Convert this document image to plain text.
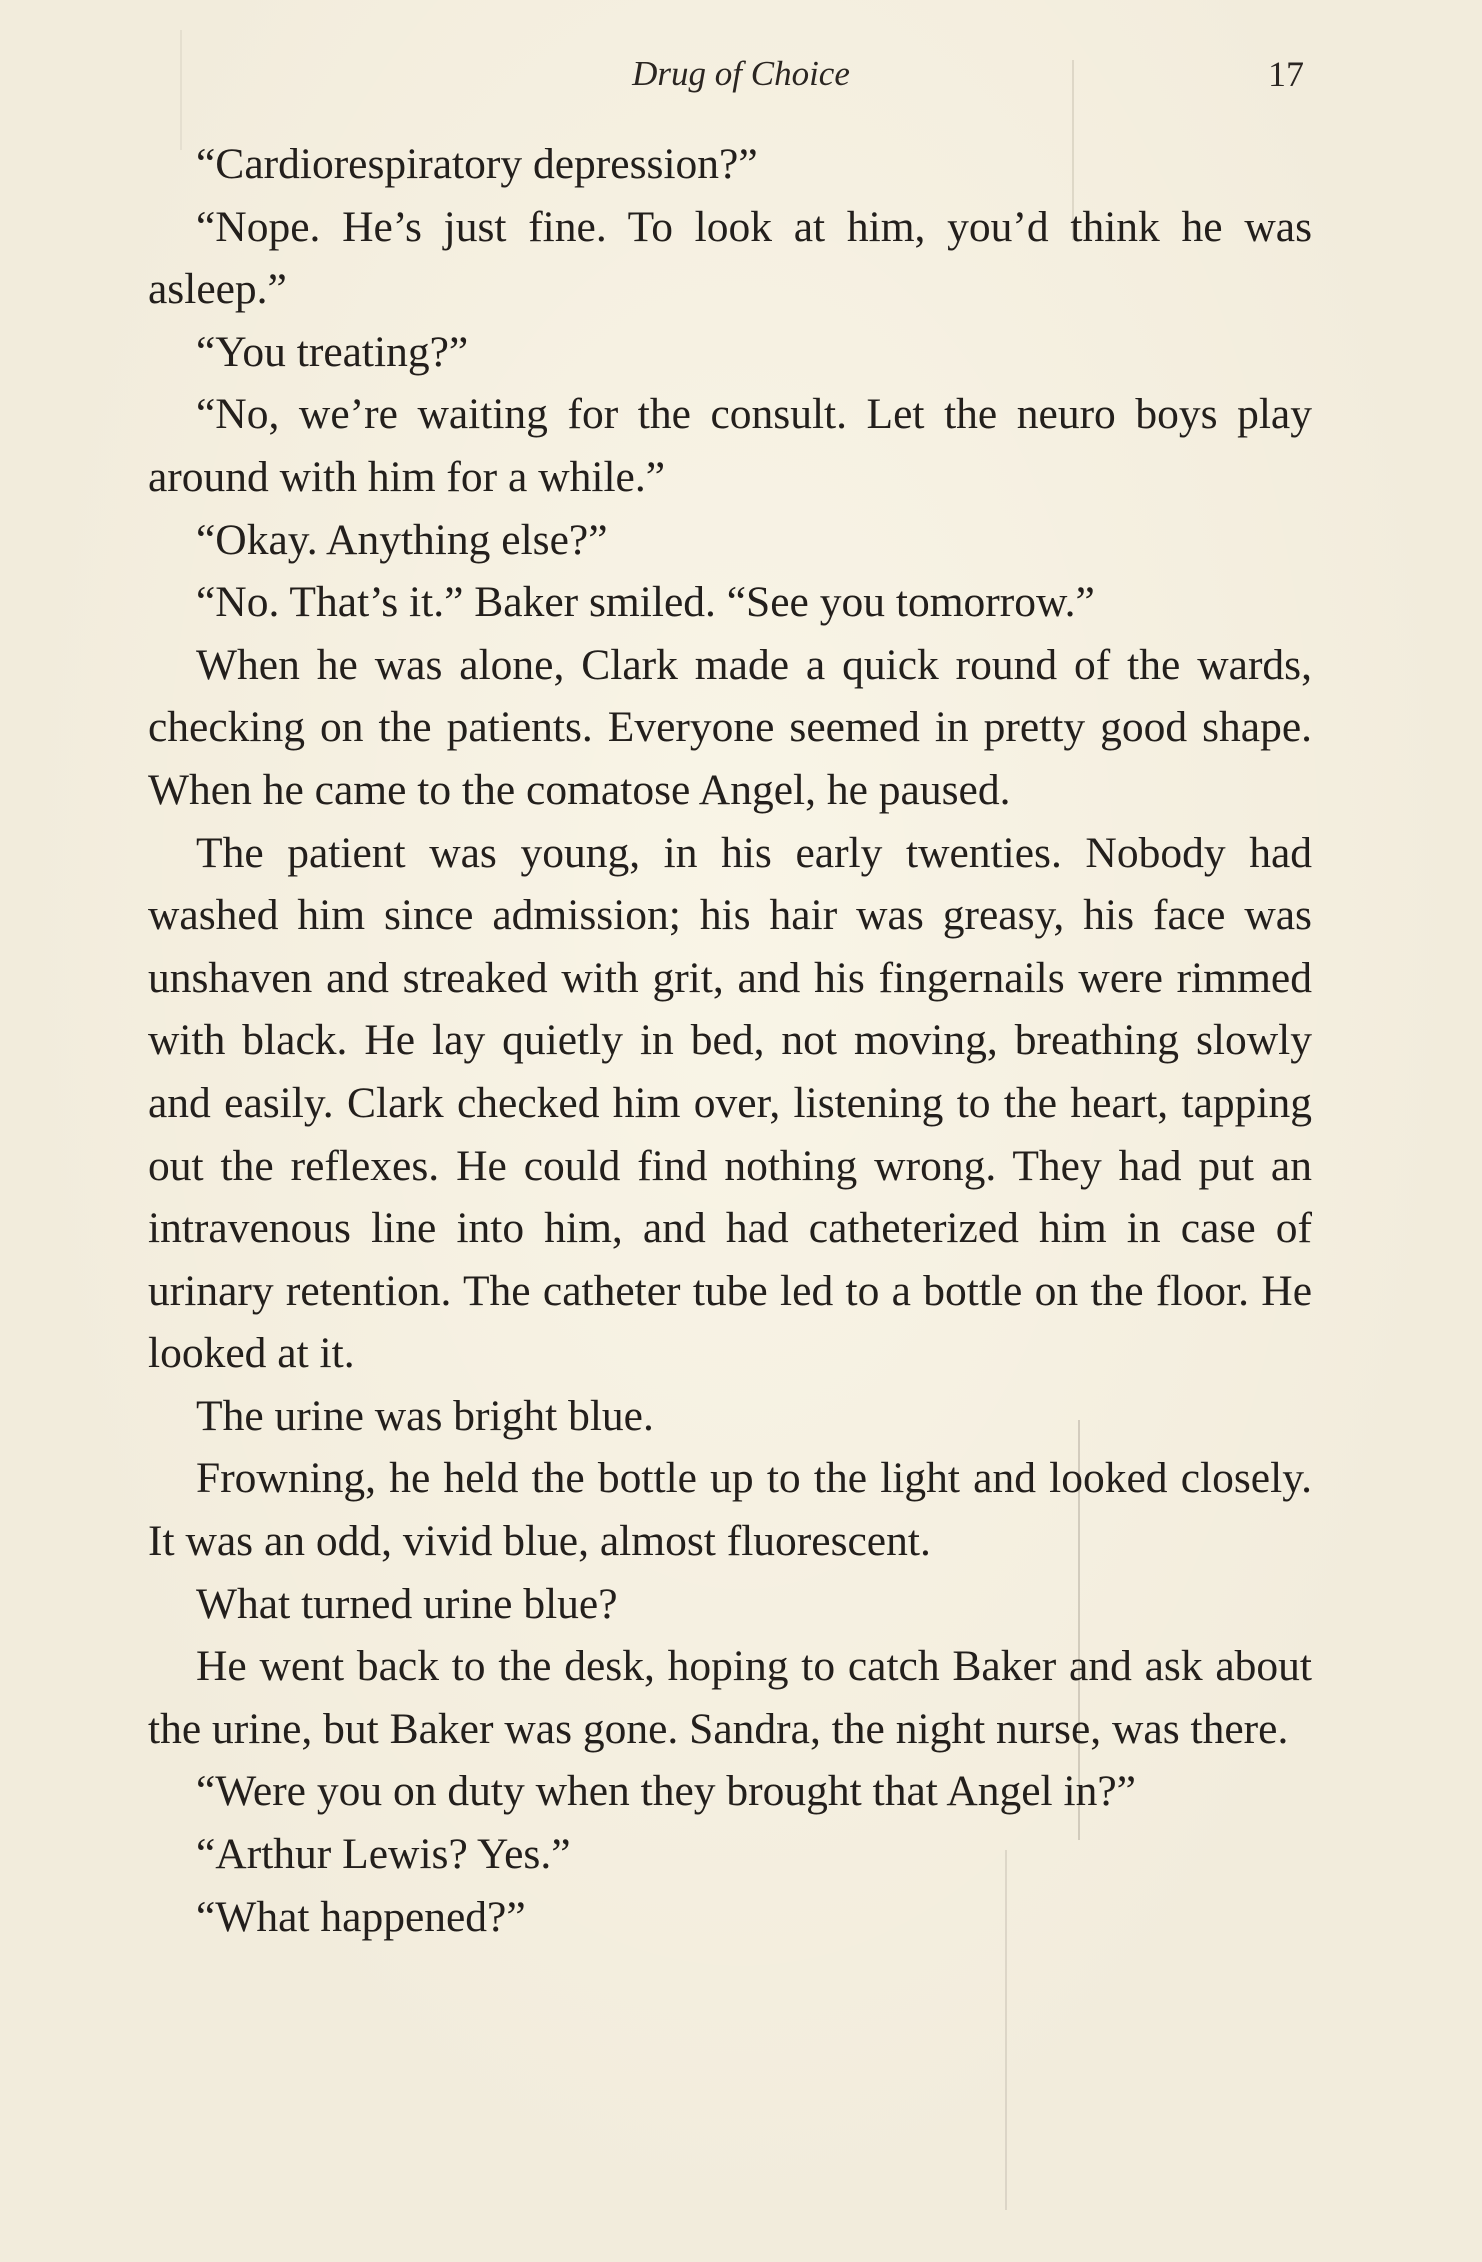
Drug of Choice	17

“Cardiorespiratory depression?”

“Nope. He’s just fine. To look at him, you’d think he was asleep.”

“You treating?”

“No, we’re waiting for the consult. Let the neuro boys play around with him for a while.”

“Okay. Anything else?”

“No. That’s it.” Baker smiled. “See you tomorrow.”

When he was alone, Clark made a quick round of the wards, checking on the patients. Everyone seemed in pretty good shape. When he came to the comatose Angel, he paused.

The patient was young, in his early twenties. Nobody had washed him since admission; his hair was greasy, his face was unshaven and streaked with grit, and his fingernails were rimmed with black. He lay quietly in bed, not moving, breathing slowly and easily. Clark checked him over, listening to the heart, tapping out the reflexes. He could find nothing wrong. They had put an intravenous line into him, and had catheterized him in case of urinary retention. The catheter tube led to a bottle on the floor. He looked at it.

The urine was bright blue.

Frowning, he held the bottle up to the light and looked closely. It was an odd, vivid blue, almost fluorescent.

What turned urine blue?

He went back to the desk, hoping to catch Baker and ask about the urine, but Baker was gone. Sandra, the night nurse, was there.

“Were you on duty when they brought that Angel in?”

“Arthur Lewis? Yes.”

“What happened?”
